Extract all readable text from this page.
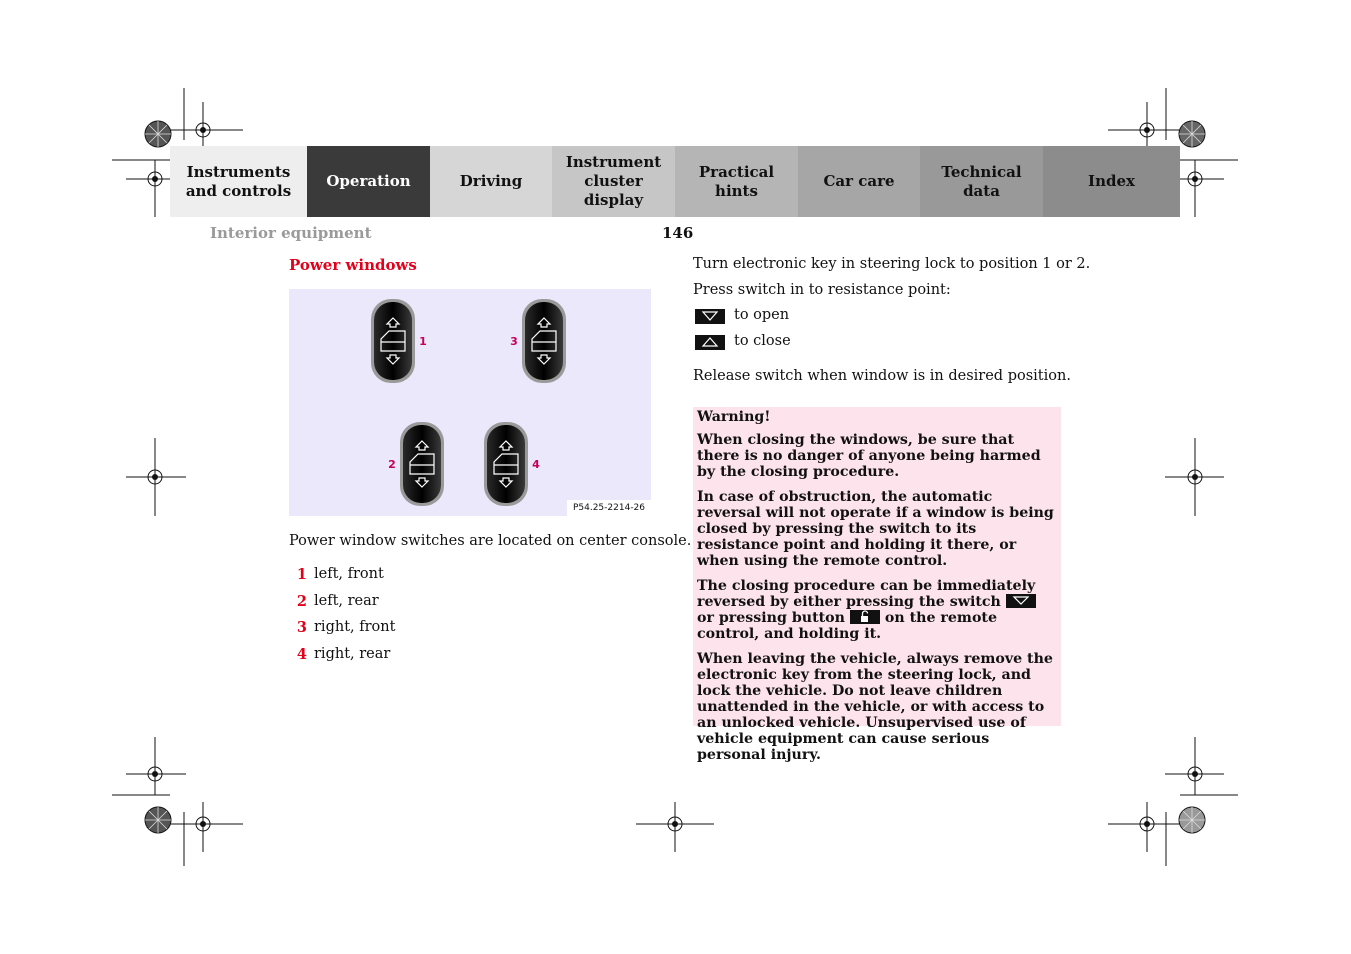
Instruments
and controls
Operation	Driving
Instrument
cluster display
Practical hints
Car care
Technical
data
Index
Interior equipment	146
Power windows
1	3
2	4
P54.25-2214-26
Power window switches are located on center console.
1 left, front
2 left, rear
3 right, front
4 right, rear
Turn electronic key in steering lock to position 1 or 2.
Press switch in to resistance point:
to open
to close
Release switch when window is in desired position.

Warning!

When closing the windows, be sure that there is no danger of anyone being harmed by the closing procedure.

In case of obstruction, the automatic reversal will not operate if a window is being closed by pressing the switch to its resistance point and holding it there, or when using the remote control.

The closing procedure can be immediately reversed by either pressing the switch
or pressing button	on the remote control, and holding it.

When leaving the vehicle, always remove the electronic key from the steering lock, and lock the vehicle. Do not leave children unattended in the vehicle, or with access to an unlocked vehicle. Unsupervised use of vehicle equipment can cause serious personal injury.
